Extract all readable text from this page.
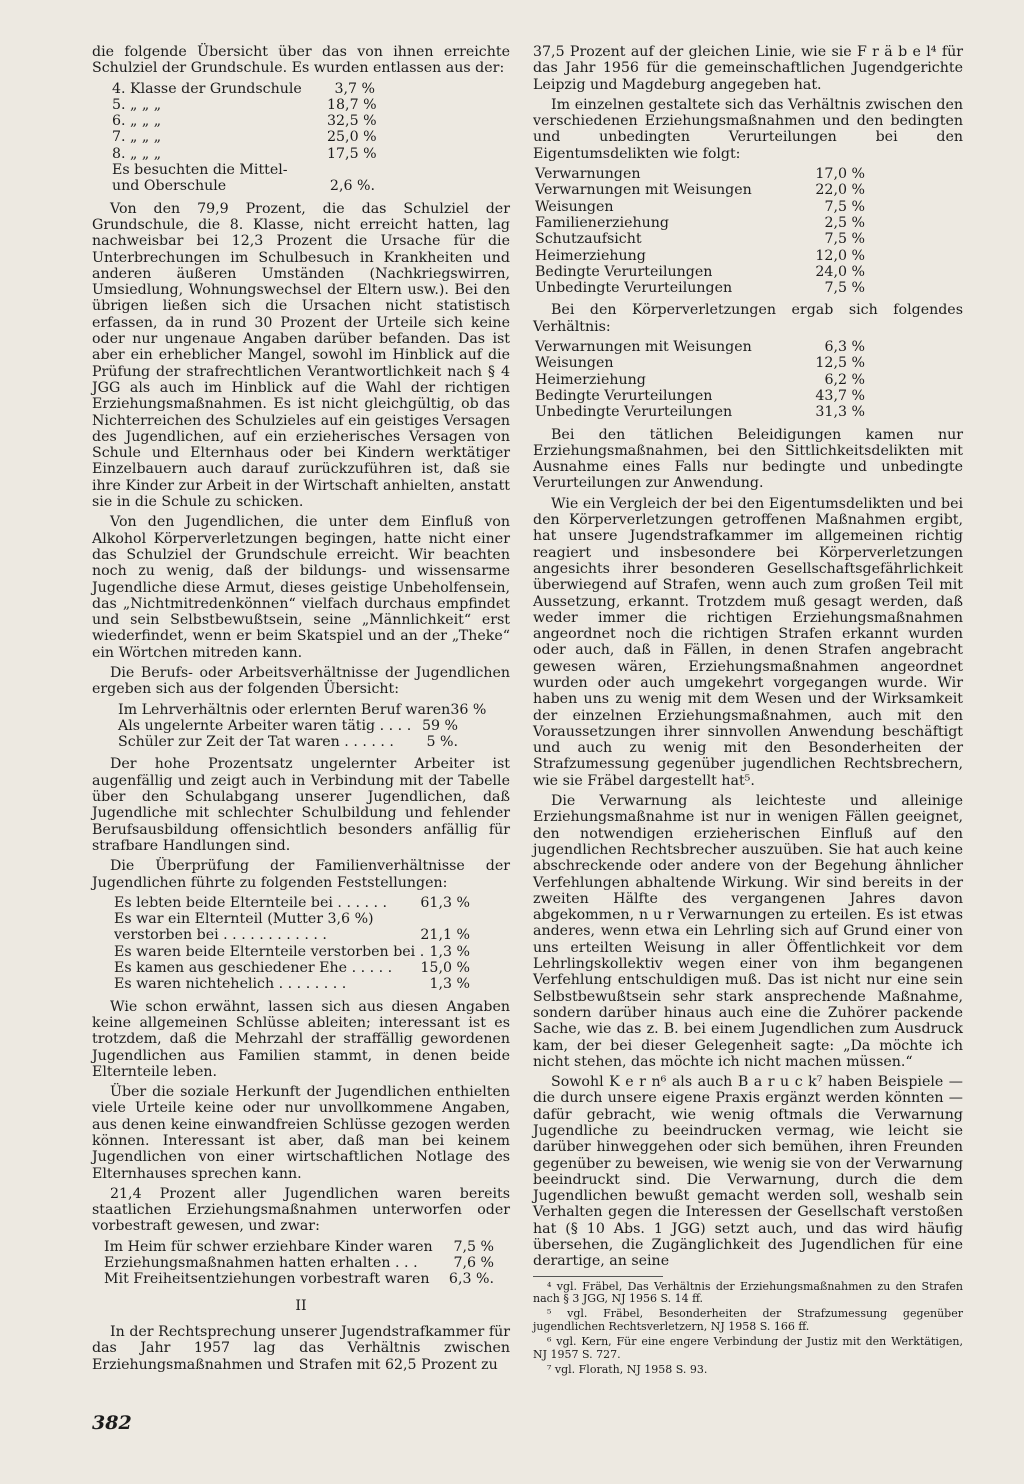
die folgende Übersicht über das von ihnen erreichte Schulziel der Grundschule. Es wurden entlassen aus der:

4. Klasse der Grundschule	3,7 %
5. „ „ „	18,7 %
6. „ „ „	32,5 %
7. „ „ „	25,0 %
8. „ „ „	17,5 %
Es besuchten die Mittel-
und Oberschule	2,6 %.

Von den 79,9 Prozent, die das Schulziel der Grundschule, die 8. Klasse, nicht erreicht hatten, lag nachweisbar bei 12,3 Prozent die Ursache für die Unterbrechungen im Schulbesuch in Krankheiten und anderen äußeren Umständen (Nachkriegswirren, Umsiedlung, Wohnungswechsel der Eltern usw.). Bei den übrigen ließen sich die Ursachen nicht statistisch erfassen, da in rund 30 Prozent der Urteile sich keine oder nur ungenaue Angaben darüber befanden. Das ist aber ein erheblicher Mangel, sowohl im Hinblick auf die Prüfung der strafrechtlichen Verantwortlichkeit nach § 4 JGG als auch im Hinblick auf die Wahl der richtigen Erziehungsmaßnahmen. Es ist nicht gleichgültig, ob das Nichterreichen des Schulzieles auf ein geistiges Versagen des Jugendlichen, auf ein erzieherisches Versagen von Schule und Elternhaus oder bei Kindern werktätiger Einzelbauern auch darauf zurückzuführen ist, daß sie ihre Kinder zur Arbeit in der Wirtschaft anhielten, anstatt sie in die Schule zu schicken.

Von den Jugendlichen, die unter dem Einfluß von Alkohol Körperverletzungen begingen, hatte nicht einer das Schulziel der Grundschule erreicht. Wir beachten noch zu wenig, daß der bildungs- und wissensarme Jugendliche diese Armut, dieses geistige Unbeholfensein, das „Nichtmitredenkönnen“ vielfach durchaus empfindet und sein Selbstbewußtsein, seine „Männlichkeit“ erst wiederfindet, wenn er beim Skatspiel und an der „Theke“ ein Wörtchen mitreden kann.

Die Berufs- oder Arbeitsverhältnisse der Jugendlichen ergeben sich aus der folgenden Übersicht:

Im Lehrverhältnis oder erlernten Beruf waren 36 %
Als ungelernte Arbeiter waren tätig . . . . 59 %
Schüler zur Zeit der Tat waren . . . . . . 5 %.

Der hohe Prozentsatz ungelernter Arbeiter ist augenfällig und zeigt auch in Verbindung mit der Tabelle über den Schulabgang unserer Jugendlichen, daß Jugendliche mit schlechter Schulbildung und fehlender Berufsausbildung offensichtlich besonders anfällig für strafbare Handlungen sind.

Die Überprüfung der Familienverhältnisse der Jugendlichen führte zu folgenden Feststellungen:

Es lebten beide Elternteile bei . . . . . . 61,3 %
Es war ein Elternteil (Mutter 3,6 %)
verstorben bei . . . . . . . . . . . .	21,1 %
Es waren beide Elternteile verstorben bei . 1,3 %
Es kamen aus geschiedener Ehe . . . . . 15,0 %
Es waren nichtehelich . . . . . . . .	1,3 %

Wie schon erwähnt, lassen sich aus diesen Angaben keine allgemeinen Schlüsse ableiten; interessant ist es trotzdem, daß die Mehrzahl der straffällig gewordenen Jugendlichen aus Familien stammt, in denen beide Elternteile leben.

Über die soziale Herkunft der Jugendlichen enthielten viele Urteile keine oder nur unvollkommene Angaben, aus denen keine einwandfreien Schlüsse gezogen werden können. Interessant ist aber, daß man bei keinem Jugendlichen von einer wirtschaftlichen Notlage des Elternhauses sprechen kann.

21,4 Prozent aller Jugendlichen waren bereits staatlichen Erziehungsmaßnahmen unterworfen oder vorbestraft gewesen, und zwar:

Im Heim für schwer erziehbare Kinder waren 7,5 %
Erziehungsmaßnahmen hatten erhalten . . .	7,6 %
Mit Freiheitsentziehungen vorbestraft waren 6,3 %.
II

In der Rechtsprechung unserer Jugendstrafkammer für das Jahr 1957 lag das Verhältnis zwischen Erziehungsmaßnahmen und Strafen mit 62,5 Prozent zu

37,5 Prozent auf der gleichen Linie, wie sie F r ä b e l⁴ für das Jahr 1956 für die gemeinschaftlichen Jugendgerichte Leipzig und Magdeburg angegeben hat.

Im einzelnen gestaltete sich das Verhältnis zwischen den verschiedenen Erziehungsmaßnahmen und den bedingten und unbedingten Verurteilungen bei den Eigentumsdelikten wie folgt:

Verwarnungen	17,0 %
Verwarnungen mit Weisungen	22,0 %
Weisungen	7,5 %
Familienerziehung	2,5 %
Schutzaufsicht	7,5 %
Heimerziehung	12,0 %
Bedingte Verurteilungen	24,0 %
Unbedingte Verurteilungen	7,5 %

Bei den Körperverletzungen ergab sich folgendes Verhältnis:

Verwarnungen mit Weisungen	6,3 %
Weisungen	12,5 %
Heimerziehung	6,2 %
Bedingte Verurteilungen	43,7 %
Unbedingte Verurteilungen	31,3 %

Bei den tätlichen Beleidigungen kamen nur Erziehungsmaßnahmen, bei den Sittlichkeitsdelikten mit Ausnahme eines Falls nur bedingte und unbedingte Verurteilungen zur Anwendung.

Wie ein Vergleich der bei den Eigentumsdelikten und bei den Körperverletzungen getroffenen Maßnahmen ergibt, hat unsere Jugendstrafkammer im allgemeinen richtig reagiert und insbesondere bei Körperverletzungen angesichts ihrer besonderen Gesellschaftsgefährlichkeit überwiegend auf Strafen, wenn auch zum großen Teil mit Aussetzung, erkannt. Trotzdem muß gesagt werden, daß weder immer die richtigen Erziehungsmaßnahmen angeordnet noch die richtigen Strafen erkannt wurden oder auch, daß in Fällen, in denen Strafen angebracht gewesen wären, Erziehungsmaßnahmen angeordnet wurden oder auch umgekehrt vorgegangen wurde. Wir haben uns zu wenig mit dem Wesen und der Wirksamkeit der einzelnen Erziehungsmaßnahmen, auch mit den Voraussetzungen ihrer sinnvollen Anwendung beschäftigt und auch zu wenig mit den Besonderheiten der Strafzumessung gegenüber jugendlichen Rechtsbrechern, wie sie Fräbel dargestellt hat⁵.

Die Verwarnung als leichteste und alleinige Erziehungsmaßnahme ist nur in wenigen Fällen geeignet, den notwendigen erzieherischen Einfluß auf den jugendlichen Rechtsbrecher auszuüben. Sie hat auch keine abschreckende oder andere von der Begehung ähnlicher Verfehlungen abhaltende Wirkung. Wir sind bereits in der zweiten Hälfte des vergangenen Jahres davon abgekommen, n u r Verwarnungen zu erteilen. Es ist etwas anderes, wenn etwa ein Lehrling sich auf Grund einer von uns erteilten Weisung in aller Öffentlichkeit vor dem Lehrlingskollektiv wegen einer von ihm begangenen Verfehlung entschuldigen muß. Das ist nicht nur eine sein Selbstbewußtsein sehr stark ansprechende Maßnahme, sondern darüber hinaus auch eine die Zuhörer packende Sache, wie das z. B. bei einem Jugendlichen zum Ausdruck kam, der bei dieser Gelegenheit sagte: „Da möchte ich nicht stehen, das möchte ich nicht machen müssen.“

Sowohl K e r n⁶ als auch B a r u c k⁷ haben Beispiele — die durch unsere eigene Praxis ergänzt werden könnten — dafür gebracht, wie wenig oftmals die Verwarnung Jugendliche zu beeindrucken vermag, wie leicht sie darüber hinweggehen oder sich bemühen, ihren Freunden gegenüber zu beweisen, wie wenig sie von der Verwarnung beeindruckt sind. Die Verwarnung, durch die dem Jugendlichen bewußt gemacht werden soll, weshalb sein Verhalten gegen die Interessen der Gesellschaft verstoßen hat (§ 10 Abs. 1 JGG) setzt auch, und das wird häufig übersehen, die Zugänglichkeit des Jugendlichen für eine derartige, an seine

⁴ vgl. Fräbel, Das Verhältnis der Erziehungsmaßnahmen zu den Strafen nach § 3 JGG, NJ 1956 S. 14 ff.
⁵ vgl. Fräbel, Besonderheiten der Strafzumessung gegenüber jugendlichen Rechtsverletzern, NJ 1958 S. 166 ff.
⁶ vgl. Kern, Für eine engere Verbindung der Justiz mit den Werktätigen, NJ 1957 S. 727.
⁷ vgl. Florath, NJ 1958 S. 93.
382
